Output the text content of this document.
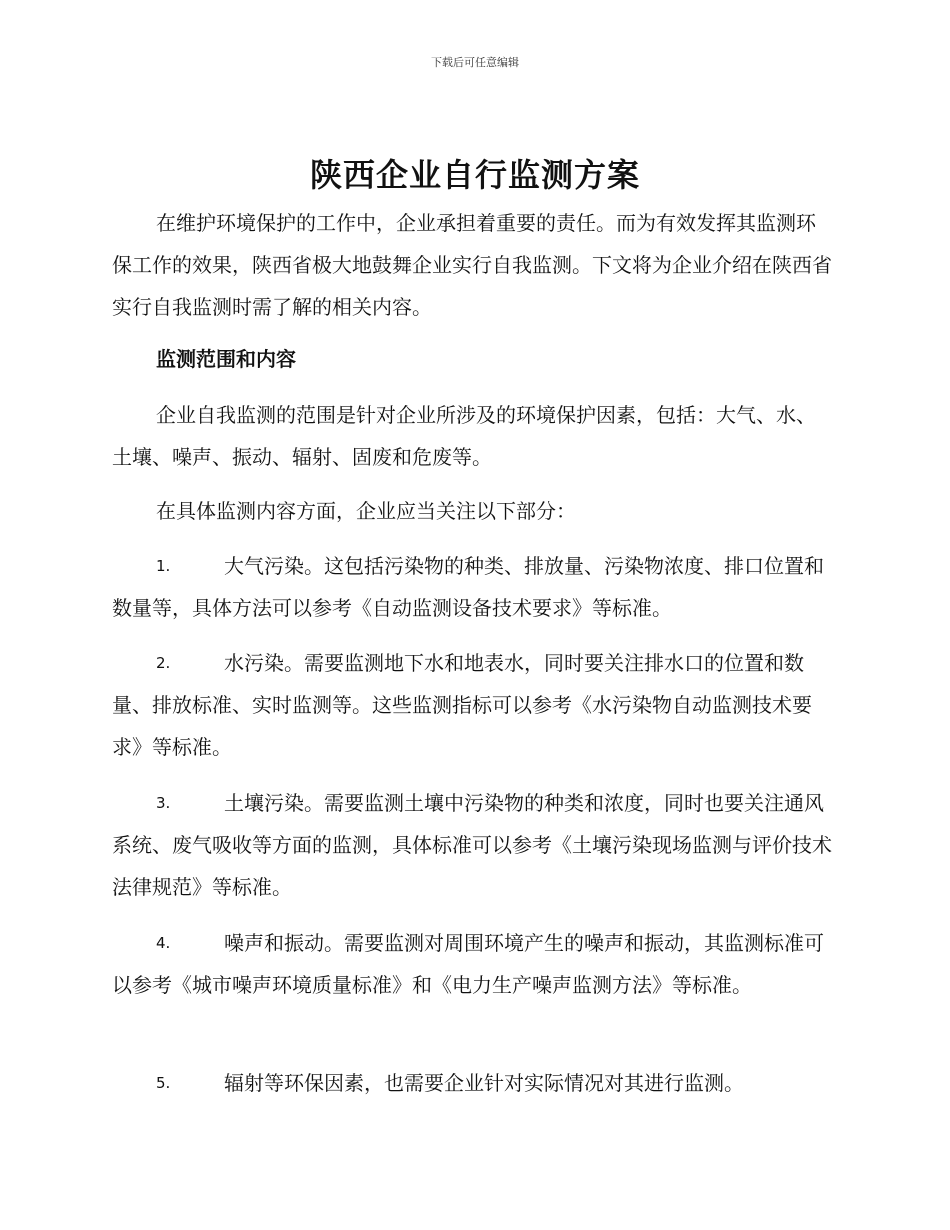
下载后可任意编辑
陕西企业自行监测方案

在维护环境保护的工作中，企业承担着重要的责任。而为有效发挥其监测环保工作的效果，陕西省极大地鼓舞企业实行自我监测。下文将为企业介绍在陕西省实行自我监测时需了解的相关内容。

监测范围和内容

企业自我监测的范围是针对企业所涉及的环境保护因素，包括：大气、水、土壤、噪声、振动、辐射、固废和危废等。

在具体监测内容方面，企业应当关注以下部分：

1.	大气污染。这包括污染物的种类、排放量、污染物浓度、排口位置和数量等，具体方法可以参考《自动监测设备技术要求》等标准。
2.	水污染。需要监测地下水和地表水，同时要关注排水口的位置和数量、排放标准、实时监测等。这些监测指标可以参考《水污染物自动监测技术要求》等标准。
3.	土壤污染。需要监测土壤中污染物的种类和浓度，同时也要关注通风系统、废气吸收等方面的监测，具体标准可以参考《土壤污染现场监测与评价技术法律规范》等标准。
4.	噪声和振动。需要监测对周围环境产生的噪声和振动，其监测标准可以参考《城市噪声环境质量标准》和《电力生产噪声监测方法》等标准。
5.	辐射等环保因素，也需要企业针对实际情况对其进行监测。
